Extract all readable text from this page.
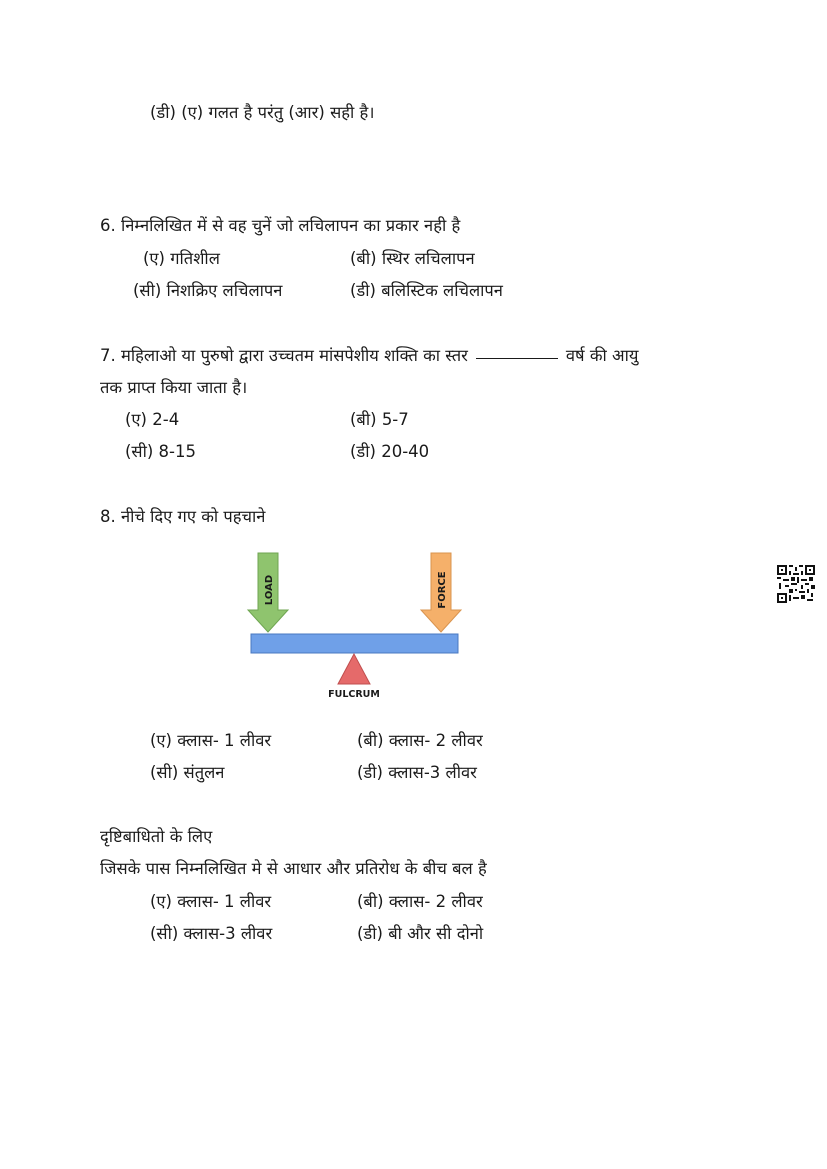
(डी) (ए) गलत है परंतु (आर) सही है।
6. निम्नलिखित में से वह चुनें जो लचिलापन का प्रकार नही है
(ए) गतिशील	(बी) स्थिर लचिलापन
(सी) निशक्रिए लचिलापन	(डी) बलिस्टिक लचिलापन
7. महिलाओ या पुरुषो द्वारा उच्चतम मांसपेशीय शक्ति का स्तर	वर्ष की आयु
तक प्राप्त किया जाता है।
(ए) 2-4	(बी) 5-7
(सी) 8-15	(डी) 20-40
8. नीचे दिए गए को पहचाने
LOAD	FORCE
FULCRUM
(ए) क्लास- 1 लीवर	(बी) क्लास- 2 लीवर
(सी) संतुलन	(डी) क्लास-3 लीवर
दृष्टिबाधितो के लिए
जिसके पास निम्नलिखित मे से आधार और प्रतिरोध के बीच बल है
(ए) क्लास- 1 लीवर	(बी) क्लास- 2 लीवर
(सी) क्लास-3 लीवर	(डी) बी और सी दोनो
